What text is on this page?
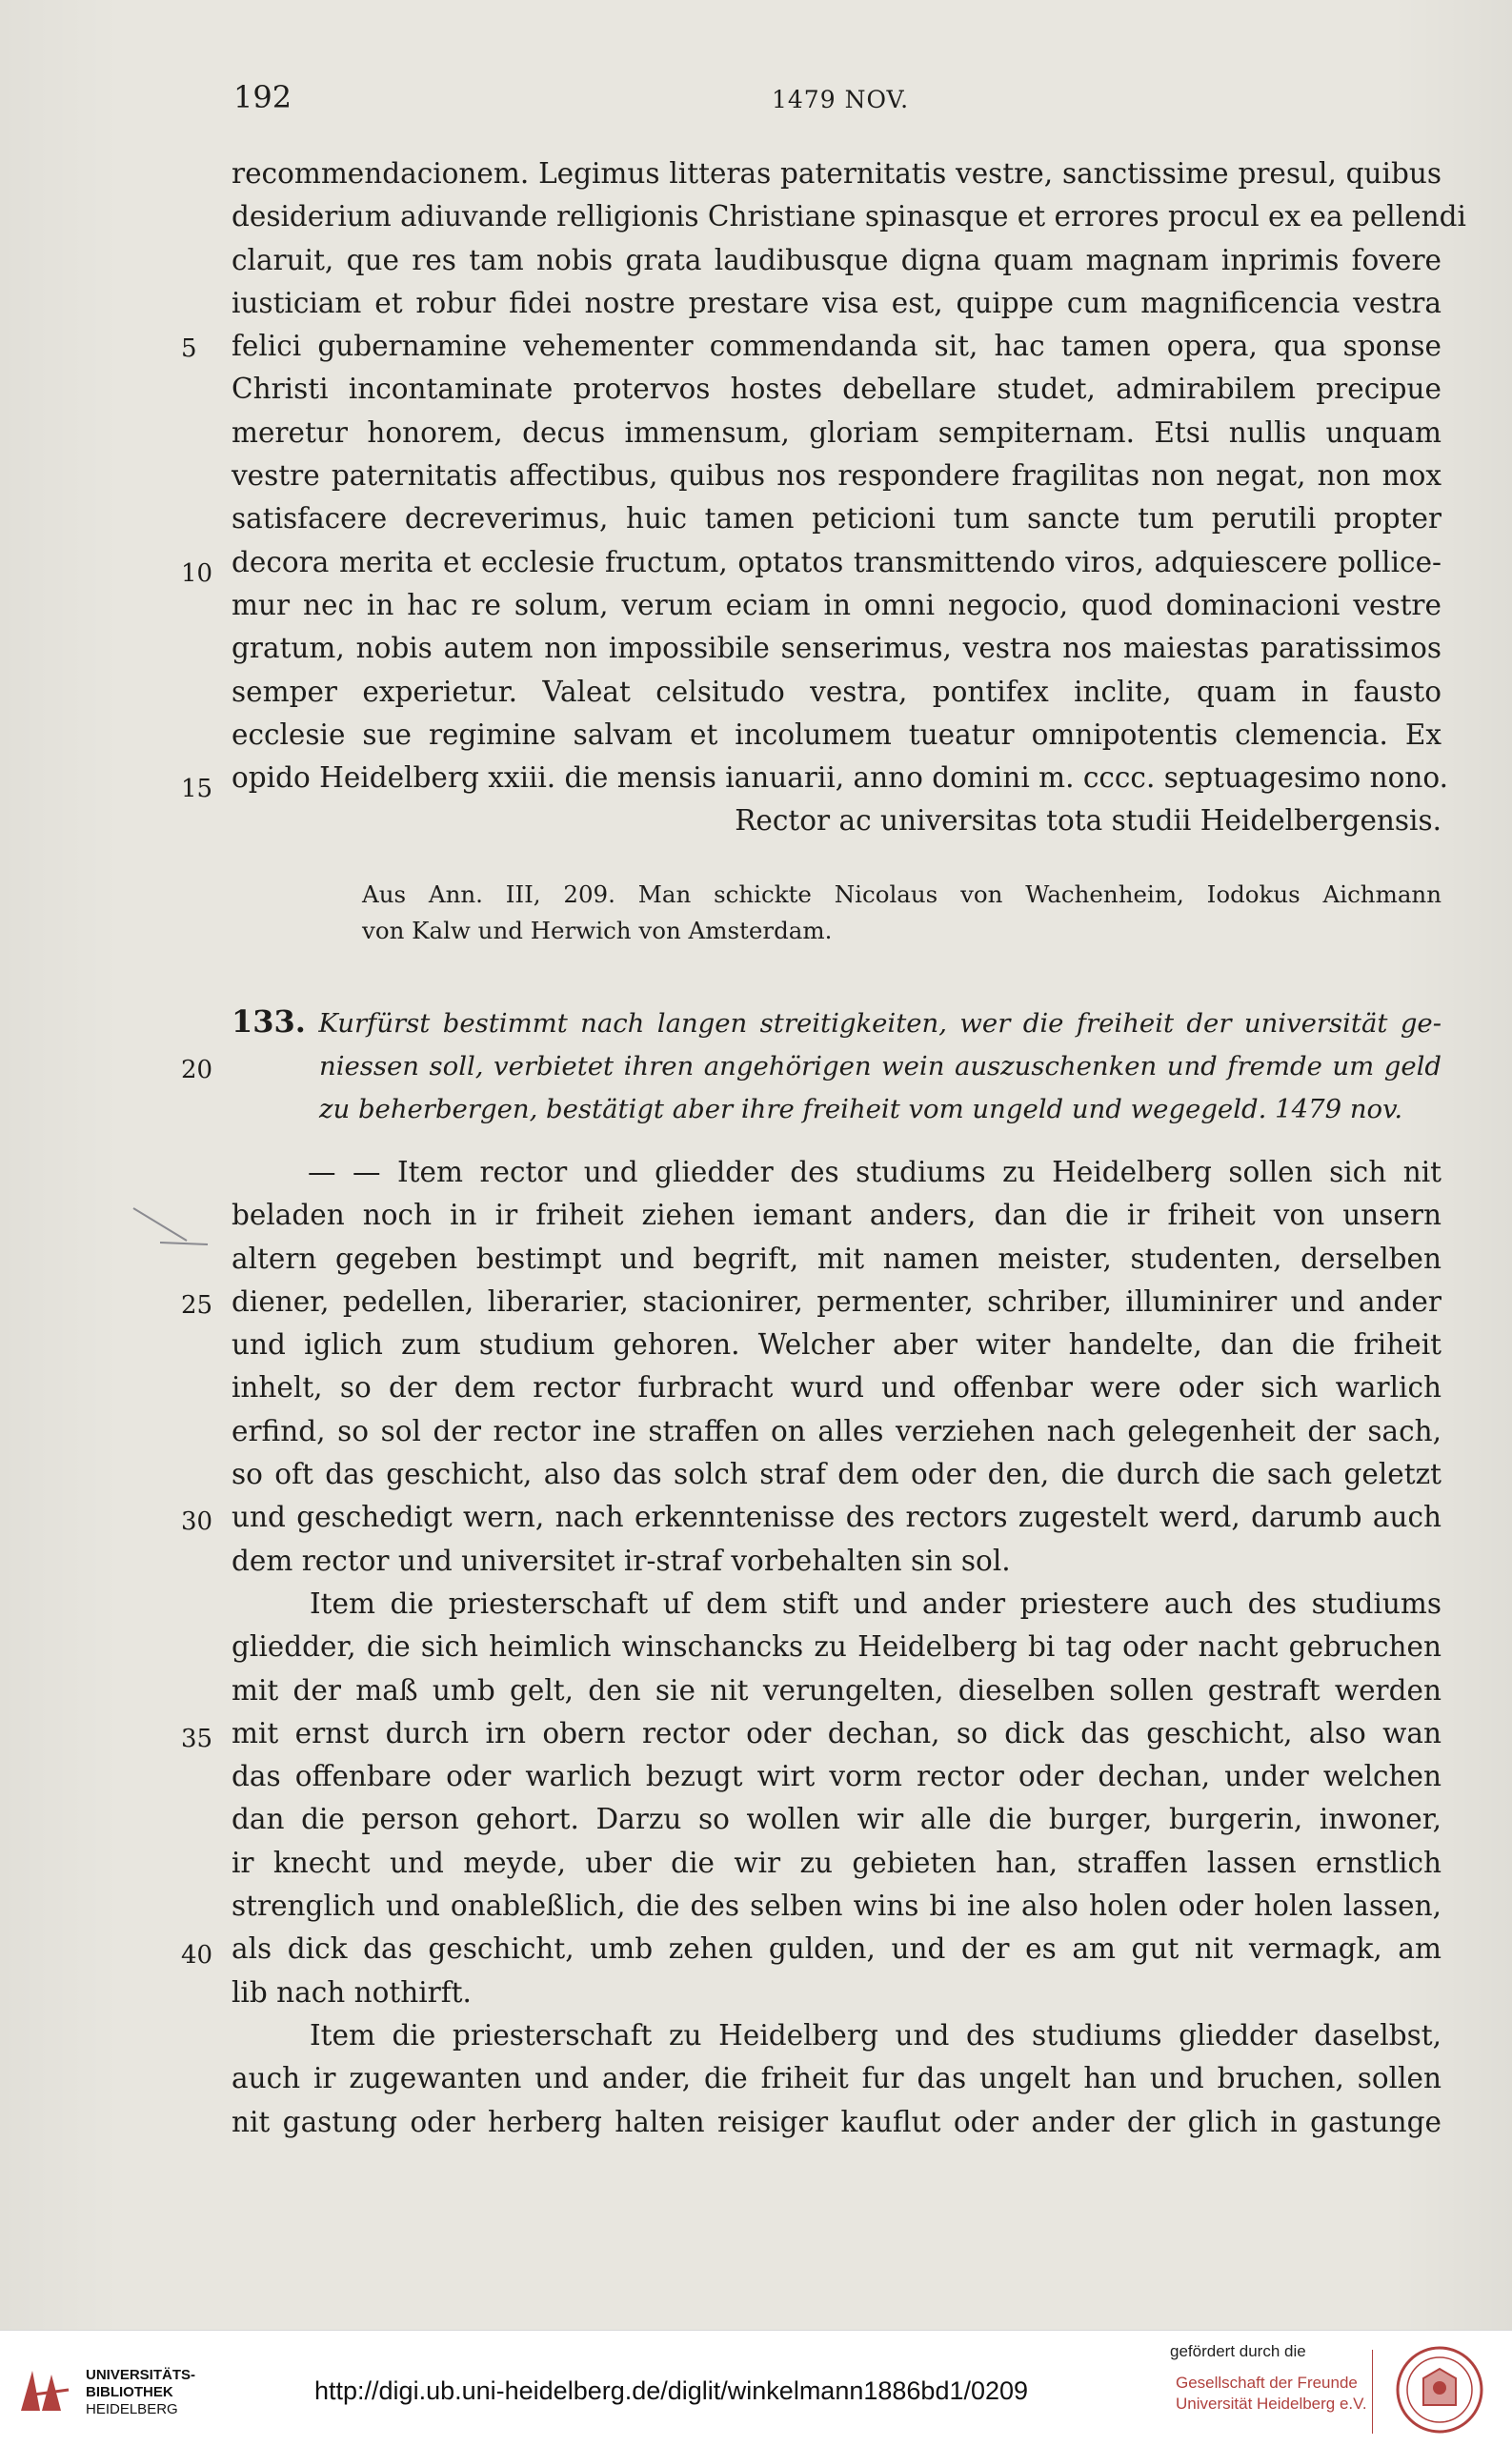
192	1479 NOV.
recommendacionem. Legimus litteras paternitatis vestre, sanctissime presul, quibus
desiderium adiuvande relligionis Christiane spinasque et errores procul ex ea pellendi
claruit, que res tam nobis grata laudibusque digna quam magnam inprimis fovere
iusticiam et robur fidei nostre prestare visa est, quippe cum magnificencia vestra
felici gubernamine vehementer commendanda sit, hac tamen opera, qua sponse
Christi incontaminate protervos hostes debellare studet, admirabilem precipue
meretur honorem, decus immensum, gloriam sempiternam. Etsi nullis unquam
vestre paternitatis affectibus, quibus nos respondere fragilitas non negat, non mox
satisfacere decreverimus, huic tamen peticioni tum sancte tum perutili propter
decora merita et ecclesie fructum, optatos transmittendo viros, adquiescere pollice-
mur nec in hac re solum, verum eciam in omni negocio, quod dominacioni vestre
gratum, nobis autem non impossibile senserimus, vestra nos maiestas paratissimos
semper experietur. Valeat celsitudo vestra, pontifex inclite, quam in fausto
ecclesie sue regimine salvam et incolumem tueatur omnipotentis clemencia. Ex
opido Heidelberg xxiii. die mensis ianuarii, anno domini m. cccc. septuagesimo nono.
Rector ac universitas tota studii Heidelbergensis.
5
10
15
20
25
30
35
40
Aus Ann. III, 209. Man schickte Nicolaus von Wachenheim, Iodokus Aichmann
von Kalw und Herwich von Amsterdam.
133. Kurfürst bestimmt nach langen streitigkeiten, wer die freiheit der universität ge-
niessen soll, verbietet ihren angehörigen wein auszuschenken und fremde um geld
zu beherbergen, bestätigt aber ihre freiheit vom ungeld und wegegeld. 1479 nov.
— — Item rector und gliedder des studiums zu Heidelberg sollen sich nit
beladen noch in ir friheit ziehen iemant anders, dan die ir friheit von unsern
altern gegeben bestimpt und begrift, mit namen meister, studenten, derselben
diener, pedellen, liberarier, stacionirer, permenter, schriber, illuminirer und ander
und iglich zum studium gehoren. Welcher aber witer handelte, dan die friheit
inhelt, so der dem rector furbracht wurd und offenbar were oder sich warlich
erfind, so sol der rector ine straffen on alles verziehen nach gelegenheit der sach,
so oft das geschicht, also das solch straf dem oder den, die durch die sach geletzt
und geschedigt wern, nach erkenntenisse des rectors zugestelt werd, darumb auch
dem rector und universitet ir-straf vorbehalten sin sol.
Item die priesterschaft uf dem stift und ander priestere auch des studiums
gliedder, die sich heimlich winschancks zu Heidelberg bi tag oder nacht gebruchen
mit der maß umb gelt, den sie nit verungelten, dieselben sollen gestraft werden
mit ernst durch irn obern rector oder dechan, so dick das geschicht, also wan
das offenbare oder warlich bezugt wirt vorm rector oder dechan, under welchen
dan die person gehort. Darzu so wollen wir alle die burger, burgerin, inwoner,
ir knecht und meyde, uber die wir zu gebieten han, straffen lassen ernstlich
strenglich und onableßlich, die des selben wins bi ine also holen oder holen lassen,
als dick das geschicht, umb zehen gulden, und der es am gut nit vermagk, am
lib nach nothirft.
Item die priesterschaft zu Heidelberg und des studiums gliedder daselbst,
auch ir zugewanten und ander, die friheit fur das ungelt han und bruchen, sollen
nit gastung oder herberg halten reisiger kauflut oder ander der glich in gastunge
UNIVERSITÄTS-
BIBLIOTHEK
HEIDELBERG
http://digi.ub.uni-heidelberg.de/diglit/winkelmann1886bd1/0209
gefördert durch die
Gesellschaft der Freunde
Universität Heidelberg e.V.
